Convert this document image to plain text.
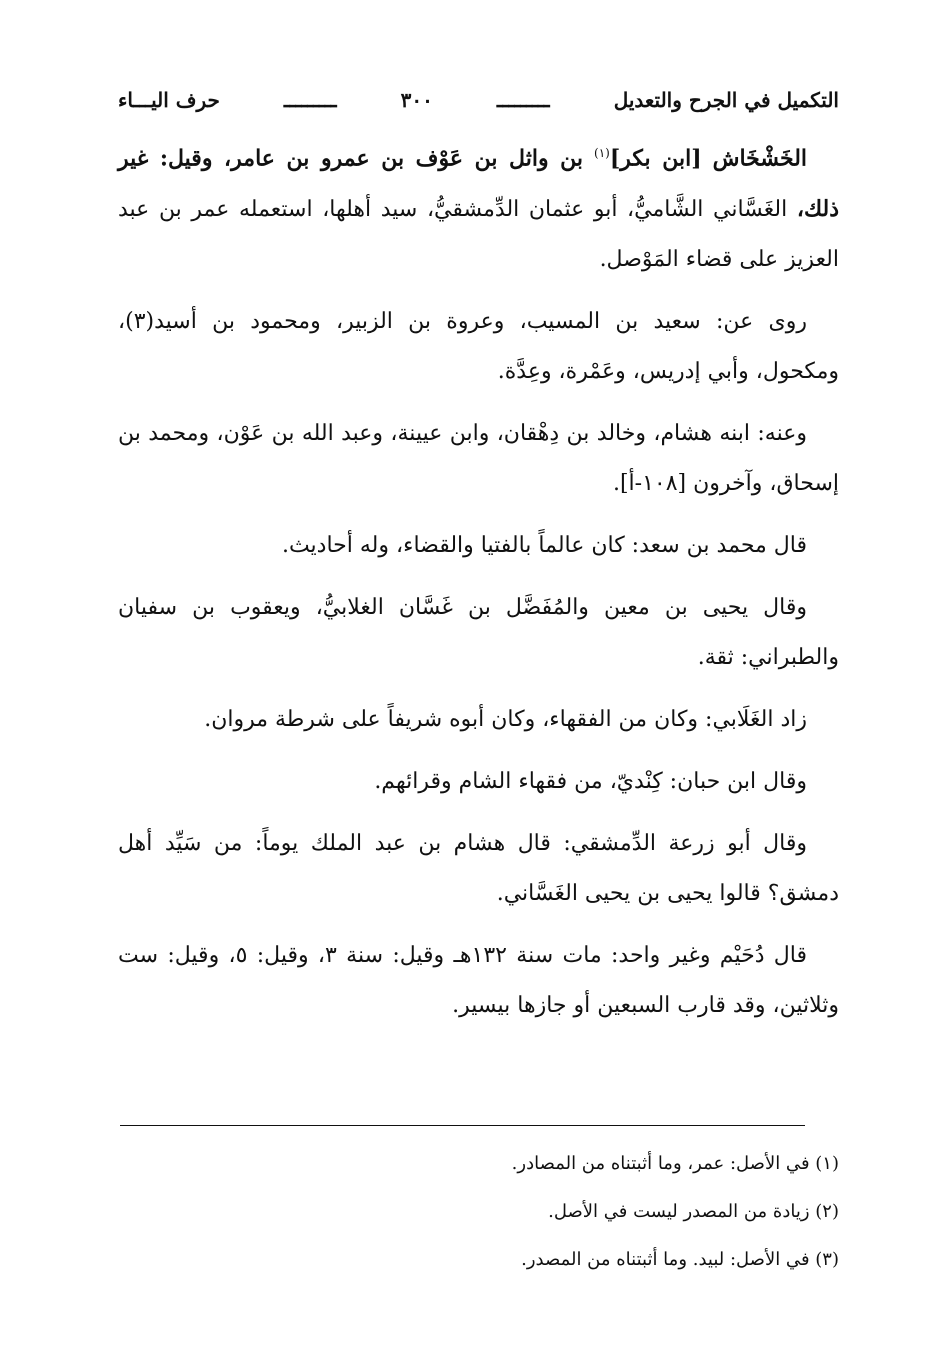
التكميل في الجرح والتعديل
ـــــــــ
٣٠٠
ـــــــــ
حرف اليـــاء
الخَشْخَاش [ابن بكر]$^{(١)}$ بن واثل بن عَوْف بن عمرو بن عامر، وقيل: غير ذلك، الغَسَّاني الشَّاميُّ، أبو عثمان الدِّمشقيُّ، سيد أهلها، استعمله عمر بن عبد العزيز على قضاء المَوْصل.

روى عن: سعيد بن المسيب، وعروة بن الزبير، ومحمود بن أسيد(٣)، ومكحول، وأبي إدريس، وعَمْرة، وعِدَّة.

وعنه: ابنه هشام، وخالد بن دِهْقان، وابن عيينة، وعبد الله بن عَوْن، ومحمد بن إسحاق، وآخرون [١٠٨-أ].

قال محمد بن سعد: كان عالماً بالفتيا والقضاء، وله أحاديث.

وقال يحيى بن معين والمُفَضَّل بن غَسَّان الغلابيُّ، ويعقوب بن سفيان والطبراني: ثقة.

زاد الغَلَابي: وكان من الفقهاء، وكان أبوه شريفاً على شرطة مروان.

وقال ابن حبان: كِنْديّ، من فقهاء الشام وقرائهم.

وقال أبو زرعة الدِّمشقي: قال هشام بن عبد الملك يوماً: من سَيِّد أهل دمشق؟ قالوا يحيى بن يحيى الغَسَّاني.

قال دُحَيْم وغير واحد: مات سنة ١٣٢هـ وقيل: سنة ٣، وقيل: ٥، وقيل: ست وثلاثين، وقد قارب السبعين أو جازها بيسير.

(١) في الأصل: عمر، وما أثبتناه من المصادر.
(٢) زيادة من المصدر ليست في الأصل.
(٣) في الأصل: لبيد. وما أثبتناه من المصدر.
